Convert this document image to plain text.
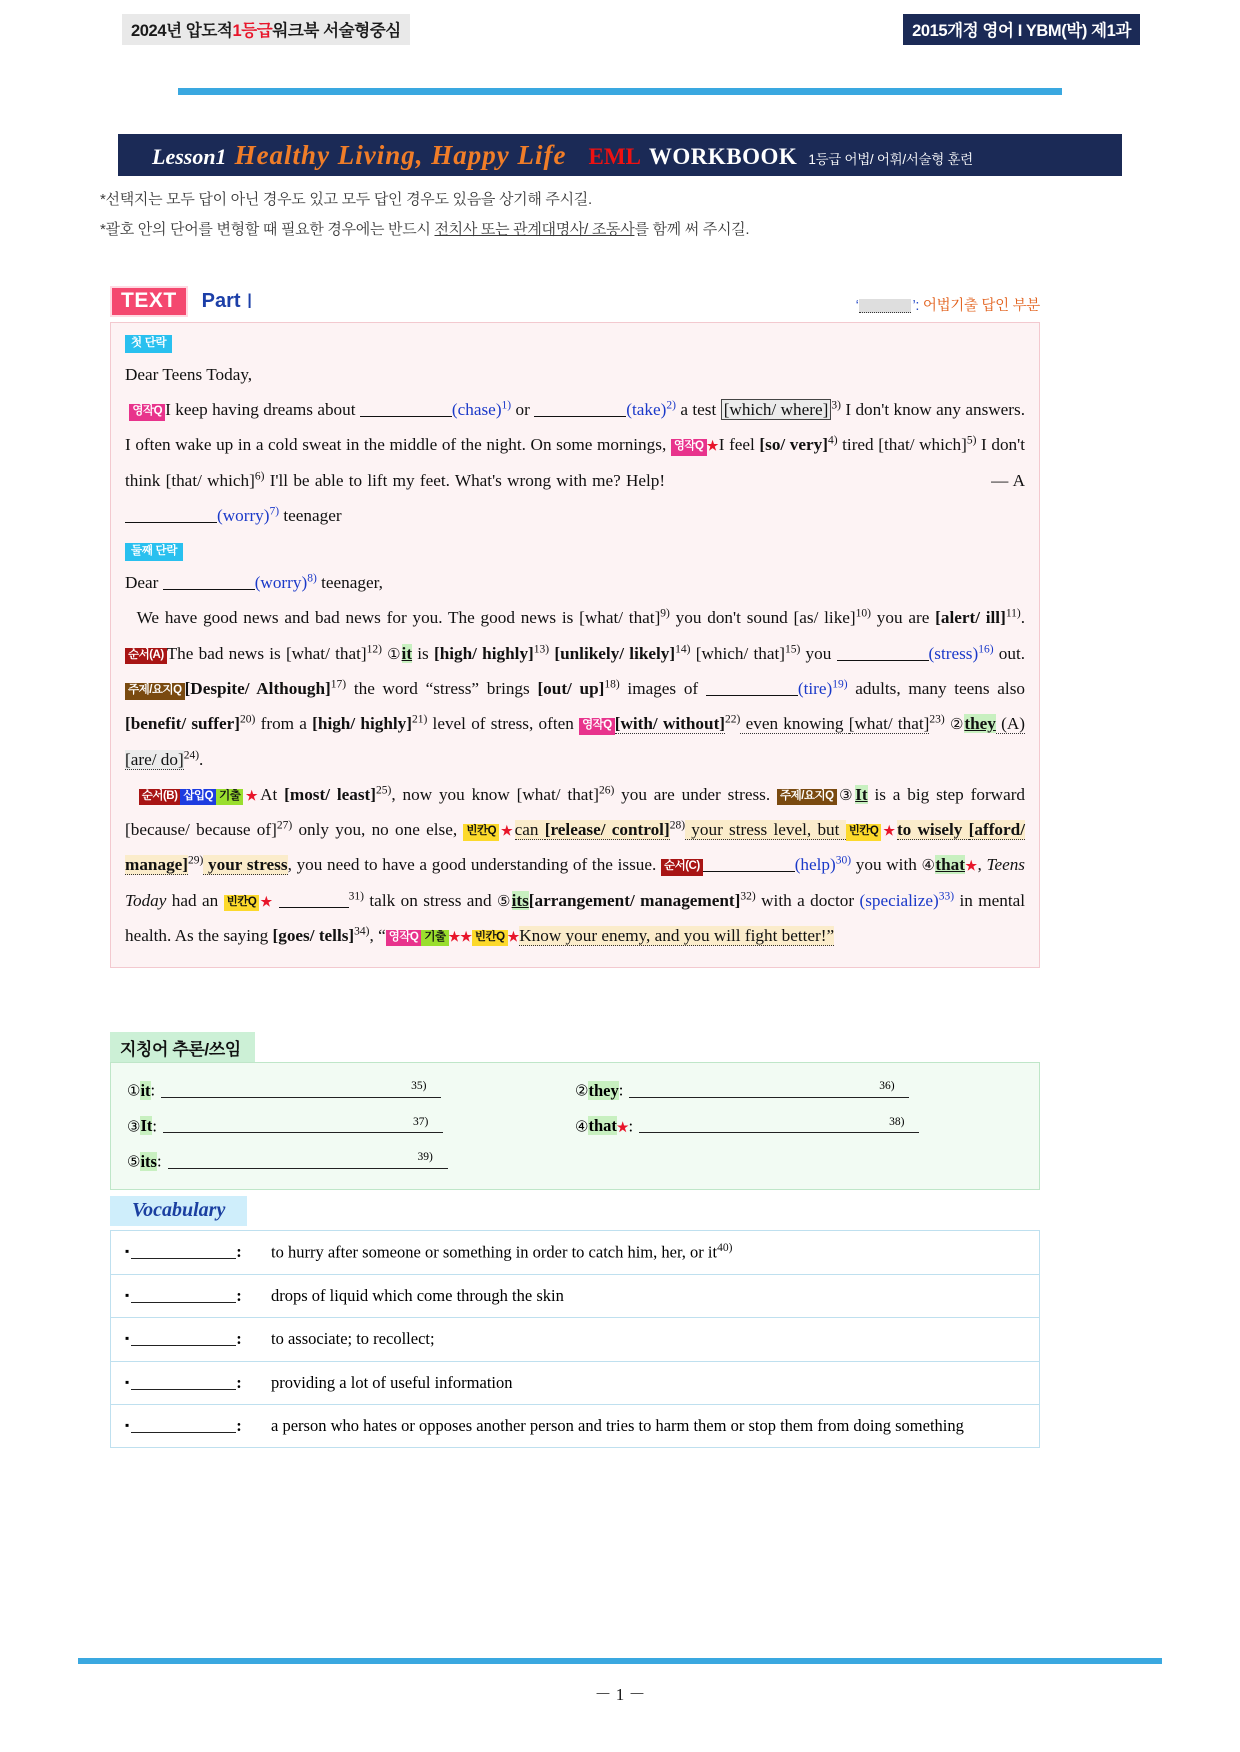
2024년 압도적1등급워크북 서술형중심	2015개정 영어 I YBM(박) 제1과
Lesson1 Healthy Living, Happy Life EML WORKBOOK 1등급 어법/ 어휘/서술형 훈련
*선택지는 모두 답이 아닌 경우도 있고 모두 답인 경우도 있음을 상기해 주시길.
*괄호 안의 단어를 변형할 때 필요한 경우에는 반드시 전치사 또는 관계대명사/ 조동사를 함께 써 주시길.
TEXT Part Ⅰ	‘	’: 어법기출 답인 부분
첫 단락

Dear Teens Today,

영작Q I keep having dreams about	(chase)$^{1)}$ or	(take)$^{2)}$ a test [which/ where] $^{3)}$ I don't know any answers. I often wake up in a cold sweat in the middle of the night. On some mornings, 영작Q ★I feel [so/ very]$^{4)}$ tired [that/ which]$^{5)}$ I don't think [that/ which]$^{6)}$ I'll be able to lift my feet. What's wrong with me? Help!	— A (worry)$^{7)}$ teenager

둘째 단락

Dear	(worry)$^{8)}$ teenager,

We have good news and bad news for you. The good news is [what/ that]$^{9)}$ you don't sound [as/ like]$^{10)}$ you are [alert/ ill]$^{11)}$. 순서(A) The bad news is [what/ that]$^{12)}$ ①it is [high/ highly]$^{13)}$ [unlikely/ likely]$^{14)}$ [which/ that]$^{15)}$ you	(stress)$^{16)}$ out. 주제/요지Q [Despite/ Although]$^{17)}$ the word “stress” brings [out/ up]$^{18)}$ images of	(tire)$^{19)}$ adults, many teens also [benefit/ suffer]$^{20)}$ from a [high/ highly]$^{21)}$ level of stress, often 영작Q [with/ without]$^{22)}$ even knowing [what/ that]$^{23)}$ ②they (A)[are/ do]$^{24)}$.

순서(B) 삽입Q 기출 ★At [most/ least]$^{25)}$, now you know [what/ that]$^{26)}$ you are under stress. 주제/요지Q ③It is a big step forward [because/ because of]$^{27)}$ only you, no one else, 빈칸Q ★can [release/ control]$^{28)}$ your stress level, but 빈칸Q ★to wisely [afford/ manage]$^{29)}$ your stress, you need to have a good understanding of the issue. 순서(C)	(help)$^{30)}$ you with ④that★, Teens Today had an 빈칸Q ★	$^{31)}$ talk on stress and ⑤its[arrangement/ management]$^{32)}$ with a doctor (specialize)$^{33)}$ in mental health. As the saying [goes/ tells]$^{34)}$, “ 영작Q 기출 ★★ 빈칸Q ★Know your enemy, and you will fight better!”

지칭어 추론/쓰임
①it:	$^{35)}$	②they:	$^{36)}$
③It:	$^{37)}$	④that★:	$^{38)}$
⑤its:	$^{39)}$
Vocabulary
▪	:	to hurry after someone or something in order to catch him, her, or $it^{40)}$
▪	:	drops of liquid which come through the skin
▪	:	to associate; to recollect;
▪	:	providing a lot of useful information
▪	:	a person who hates or opposes another person and tries to harm them or stop them from doing something
－ 1 －
